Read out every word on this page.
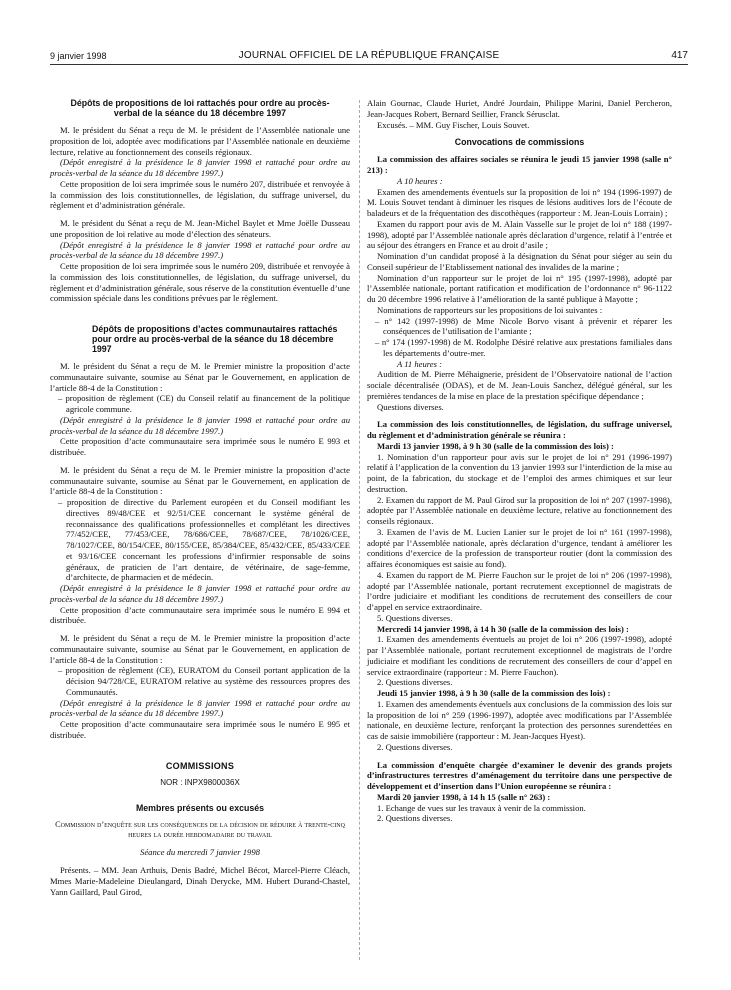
9 janvier 1998	JOURNAL OFFICIEL DE LA RÉPUBLIQUE FRANÇAISE	417
Dépôts de propositions de loi rattachés pour ordre au procès-verbal de la séance du 18 décembre 1997

M. le président du Sénat a reçu de M. le président de l’Assemblée nationale une proposition de loi, adoptée avec modifications par l’Assemblée nationale en deuxième lecture, relative au fonctionnement des conseils régionaux.

(Dépôt enregistré à la présidence le 8 janvier 1998 et rattaché pour ordre au procès-verbal de la séance du 18 décembre 1997.)

Cette proposition de loi sera imprimée sous le numéro 207, distribuée et renvoyée à la commission des lois constitutionnelles, de législation, du suffrage universel, du règlement et d’administration générale.

M. le président du Sénat a reçu de M. Jean-Michel Baylet et Mme Joëlle Dusseau une proposition de loi relative au mode d’élection des sénateurs.

(Dépôt enregistré à la présidence le 8 janvier 1998 et rattaché pour ordre au procès-verbal de la séance du 18 décembre 1997.)

Cette proposition de loi sera imprimée sous le numéro 209, distribuée et renvoyée à la commission des lois constitutionnelles, de législation, du suffrage universel, du règlement et d’administration générale, sous réserve de la constitution éventuelle d’une commission spéciale dans les conditions prévues par le règlement.

Dépôts de propositions d’actes communautaires rattachés pour ordre au procès-verbal de la séance du 18 décembre 1997

M. le président du Sénat a reçu de M. le Premier ministre la proposition d’acte communautaire suivante, soumise au Sénat par le Gouvernement, en application de l’article 88-4 de la Constitution :

– proposition de règlement (CE) du Conseil relatif au financement de la politique agricole commune.

(Dépôt enregistré à la présidence le 8 janvier 1998 et rattaché pour ordre au procès-verbal de la séance du 18 décembre 1997.)

Cette proposition d’acte communautaire sera imprimée sous le numéro E 993 et distribuée.

M. le président du Sénat a reçu de M. le Premier ministre la proposition d’acte communautaire suivante, soumise au Sénat par le Gouvernement, en application de l’article 88-4 de la Constitution :

– proposition de directive du Parlement européen et du Conseil modifiant les directives 89/48/CEE et 92/51/CEE concernant le système général de reconnaissance des qualifications professionnelles et complétant les directives 77/452/CEE, 77/453/CEE, 78/686/CEE, 78/687/CEE, 78/1026/CEE, 78/1027/CEE, 80/154/CEE, 80/155/CEE, 85/384/CEE, 85/432/CEE, 85/433/CEE et 93/16/CEE concernant les professions d’infirmier responsable de soins généraux, de praticien de l’art dentaire, de vétérinaire, de sage-femme, d’architecte, de pharmacien et de médecin.

(Dépôt enregistré à la présidence le 8 janvier 1998 et rattaché pour ordre au procès-verbal de la séance du 18 décembre 1997.)

Cette proposition d’acte communautaire sera imprimée sous le numéro E 994 et distribuée.

M. le président du Sénat a reçu de M. le Premier ministre la proposition d’acte communautaire suivante, soumise au Sénat par le Gouvernement, en application de l’article 88-4 de la Constitution :

– proposition de règlement (CE), EURATOM du Conseil portant application de la décision 94/728/CE, EURATOM relative au système des ressources propres des Communautés.

(Dépôt enregistré à la présidence le 8 janvier 1998 et rattaché pour ordre au procès-verbal de la séance du 18 décembre 1997.)

Cette proposition d’acte communautaire sera imprimée sous le numéro E 995 et distribuée.

COMMISSIONS

NOR : INPX9800036X

Membres présents ou excusés

Commission d’enquête sur les conséquences de la décision de réduire à trente-cinq heures la durée hebdomadaire du travail

Séance du mercredi 7 janvier 1998

Présents. – MM. Jean Arthuis, Denis Badré, Michel Bécot, Marcel-Pierre Cléach, Mmes Marie-Madeleine Dieulangard, Dinah Derycke, MM. Hubert Durand-Chastel, Yann Gaillard, Paul Girod,

Alain Gournac, Claude Huriet, André Jourdain, Philippe Marini, Daniel Percheron, Jean-Jacques Robert, Bernard Seillier, Franck Sérusclat.

Excusés. – MM. Guy Fischer, Louis Souvet.

Convocations de commissions

La commission des affaires sociales se réunira le jeudi 15 janvier 1998 (salle n° 213) :

A 10 heures :

Examen des amendements éventuels sur la proposition de loi n° 194 (1996-1997) de M. Louis Souvet tendant à diminuer les risques de lésions auditives lors de l’écoute de baladeurs et de la fréquentation des discothèques (rapporteur : M. Jean-Louis Lorrain) ;

Examen du rapport pour avis de M. Alain Vasselle sur le projet de loi n° 188 (1997-1998), adopté par l’Assemblée nationale après déclaration d’urgence, relatif à l’entrée et au séjour des étrangers en France et au droit d’asile ;

Nomination d’un candidat proposé à la désignation du Sénat pour siéger au sein du Conseil supérieur de l’Etablissement national des invalides de la marine ;

Nomination d’un rapporteur sur le projet de loi n° 195 (1997-1998), adopté par l’Assemblée nationale, portant ratification et modification de l’ordonnance n° 96-1122 du 20 décembre 1996 relative à l’amélioration de la santé publique à Mayotte ;

Nominations de rapporteurs sur les propositions de loi suivantes :

– n° 142 (1997-1998) de Mme Nicole Borvo visant à prévenir et réparer les conséquences de l’utilisation de l’amiante ;

– n° 174 (1997-1998) de M. Rodolphe Désiré relative aux prestations familiales dans les départements d’outre-mer.

A 11 heures :

Audition de M. Pierre Méhaignerie, président de l’Observatoire national de l’action sociale décentralisée (ODAS), et de M. Jean-Louis Sanchez, délégué général, sur les premières tendances de la mise en place de la prestation spécifique dépendance ;

Questions diverses.

La commission des lois constitutionnelles, de législation, du suffrage universel, du règlement et d’administration générale se réunira :

Mardi 13 janvier 1998, à 9 h 30 (salle de la commission des lois) :

1. Nomination d’un rapporteur pour avis sur le projet de loi n° 291 (1996-1997) relatif à l’application de la convention du 13 janvier 1993 sur l’interdiction de la mise au point, de la fabrication, du stockage et de l’emploi des armes chimiques et sur leur destruction.

2. Examen du rapport de M. Paul Girod sur la proposition de loi n° 207 (1997-1998), adoptée par l’Assemblée nationale en deuxième lecture, relative au fonctionnement des conseils régionaux.

3. Examen de l’avis de M. Lucien Lanier sur le projet de loi n° 161 (1997-1998), adopté par l’Assemblée nationale, après déclaration d’urgence, tendant à améliorer les conditions d’exercice de la profession de transporteur routier (dont la commission des affaires économiques est saisie au fond).

4. Examen du rapport de M. Pierre Fauchon sur le projet de loi n° 206 (1997-1998), adopté par l’Assemblée nationale, portant recrutement exceptionnel de magistrats de l’ordre judiciaire et modifiant les conditions de recrutement des conseillers de cour d’appel en service extraordinaire.

5. Questions diverses.

Mercredi 14 janvier 1998, à 14 h 30 (salle de la commission des lois) :

1. Examen des amendements éventuels au projet de loi n° 206 (1997-1998), adopté par l’Assemblée nationale, portant recrutement exceptionnel de magistrats de l’ordre judiciaire et modifiant les conditions de recrutement des conseillers de cour d’appel en service extraordinaire (rapporteur : M. Pierre Fauchon).

2. Questions diverses.

Jeudi 15 janvier 1998, à 9 h 30 (salle de la commission des lois) :

1. Examen des amendements éventuels aux conclusions de la commission des lois sur la proposition de loi n° 259 (1996-1997), adoptée avec modifications par l’Assemblée nationale, en deuxième lecture, renforçant la protection des personnes surendettées en cas de saisie immobilière (rapporteur : M. Jean-Jacques Hyest).

2. Questions diverses.

La commission d’enquête chargée d’examiner le devenir des grands projets d’infrastructures terrestres d’aménagement du territoire dans une perspective de développement et d’insertion dans l’Union européenne se réunira :

Mardi 20 janvier 1998, à 14 h 15 (salle n° 263) :

1. Echange de vues sur les travaux à venir de la commission.

2. Questions diverses.
